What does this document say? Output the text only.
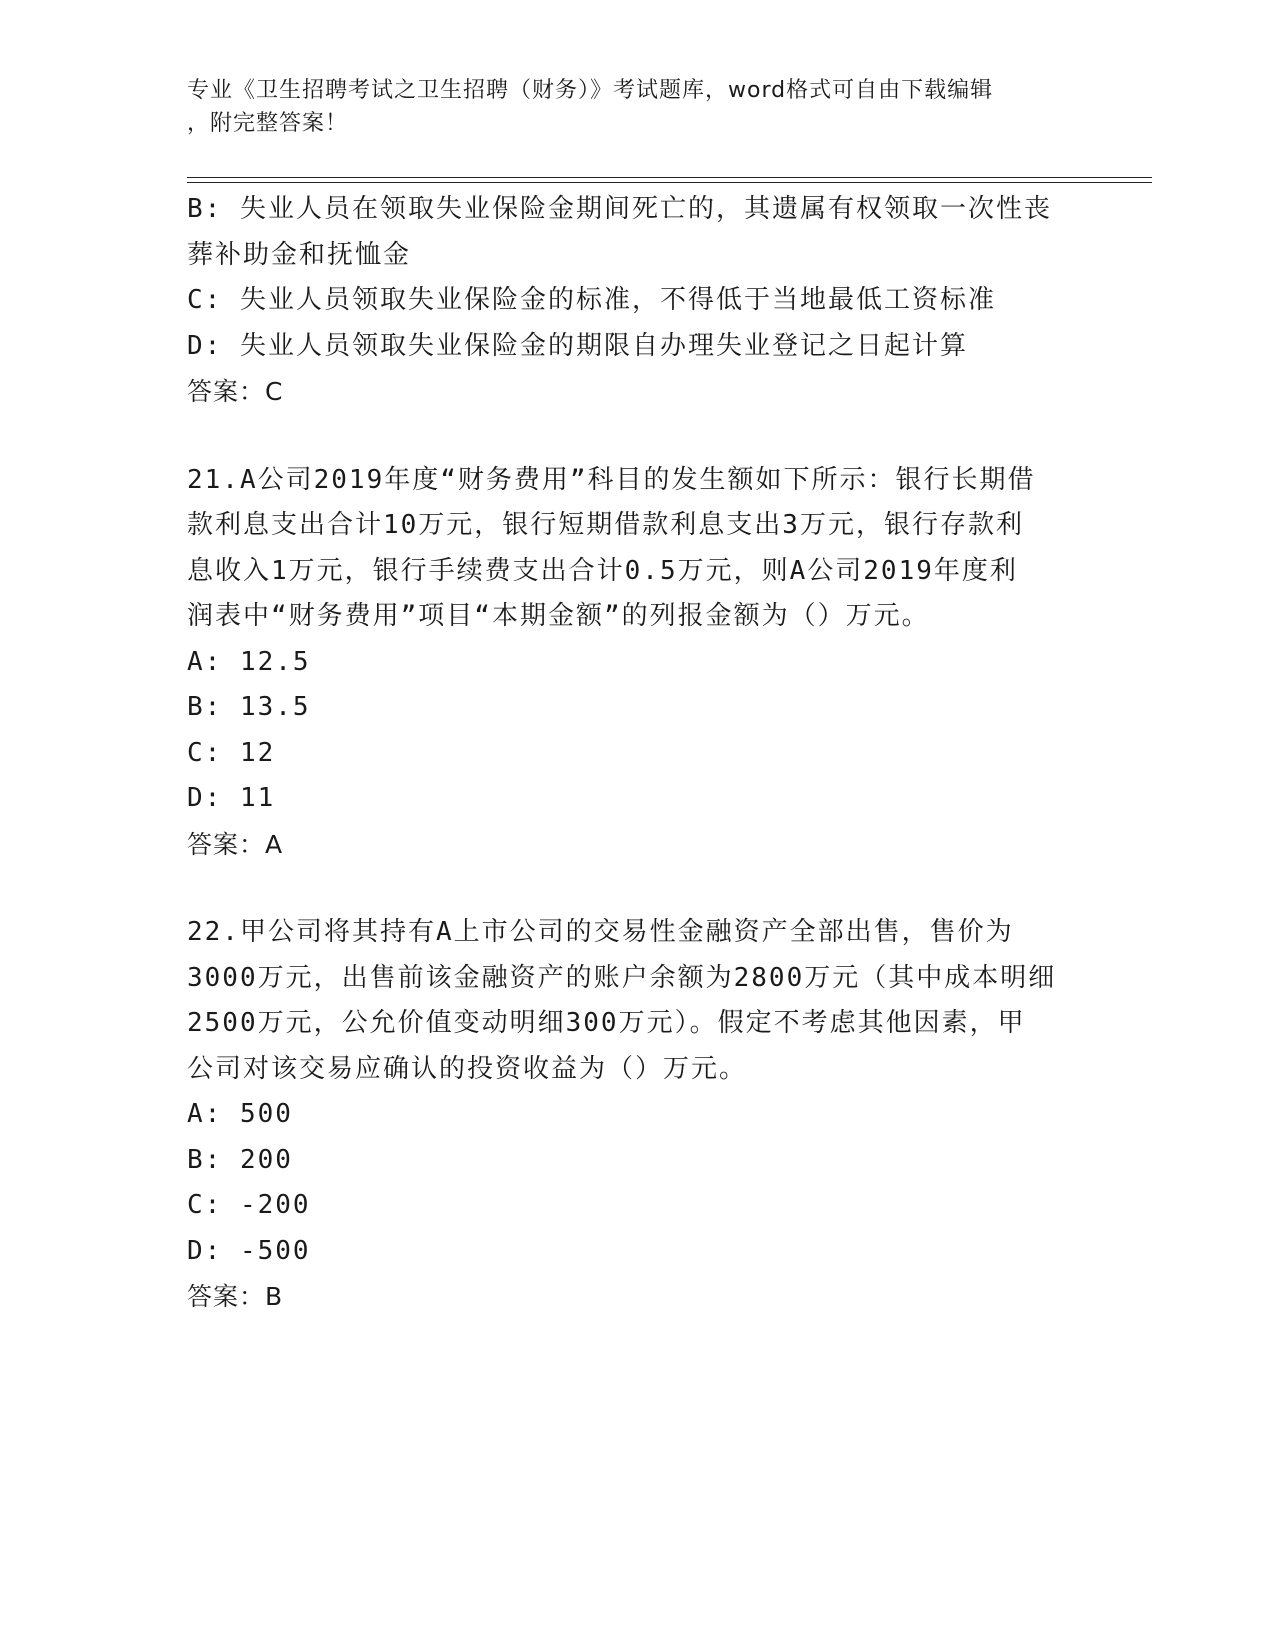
专业《卫生招聘考试之卫生招聘（财务）》考试题库，word格式可自由下载编辑
，附完整答案！
B: 失业人员在领取失业保险金期间死亡的，其遗属有权领取一次性丧
葬补助金和抚恤金
C: 失业人员领取失业保险金的标准，不得低于当地最低工资标准
D: 失业人员领取失业保险金的期限自办理失业登记之日起计算
答案：C
21.A公司2019年度“财务费用”科目的发生额如下所示：银行长期借
款利息支出合计10万元，银行短期借款利息支出3万元，银行存款利
息收入1万元，银行手续费支出合计0.5万元，则A公司2019年度利
润表中“财务费用”项目“本期金额”的列报金额为（）万元。
A: 12.5
B: 13.5
C: 12
D: 11
答案：A
22.甲公司将其持有A上市公司的交易性金融资产全部出售，售价为
3000万元，出售前该金融资产的账户余额为2800万元（其中成本明细
2500万元，公允价值变动明细300万元）。假定不考虑其他因素，甲
公司对该交易应确认的投资收益为（）万元。
A: 500
B: 200
C: -200
D: -500
答案：B
